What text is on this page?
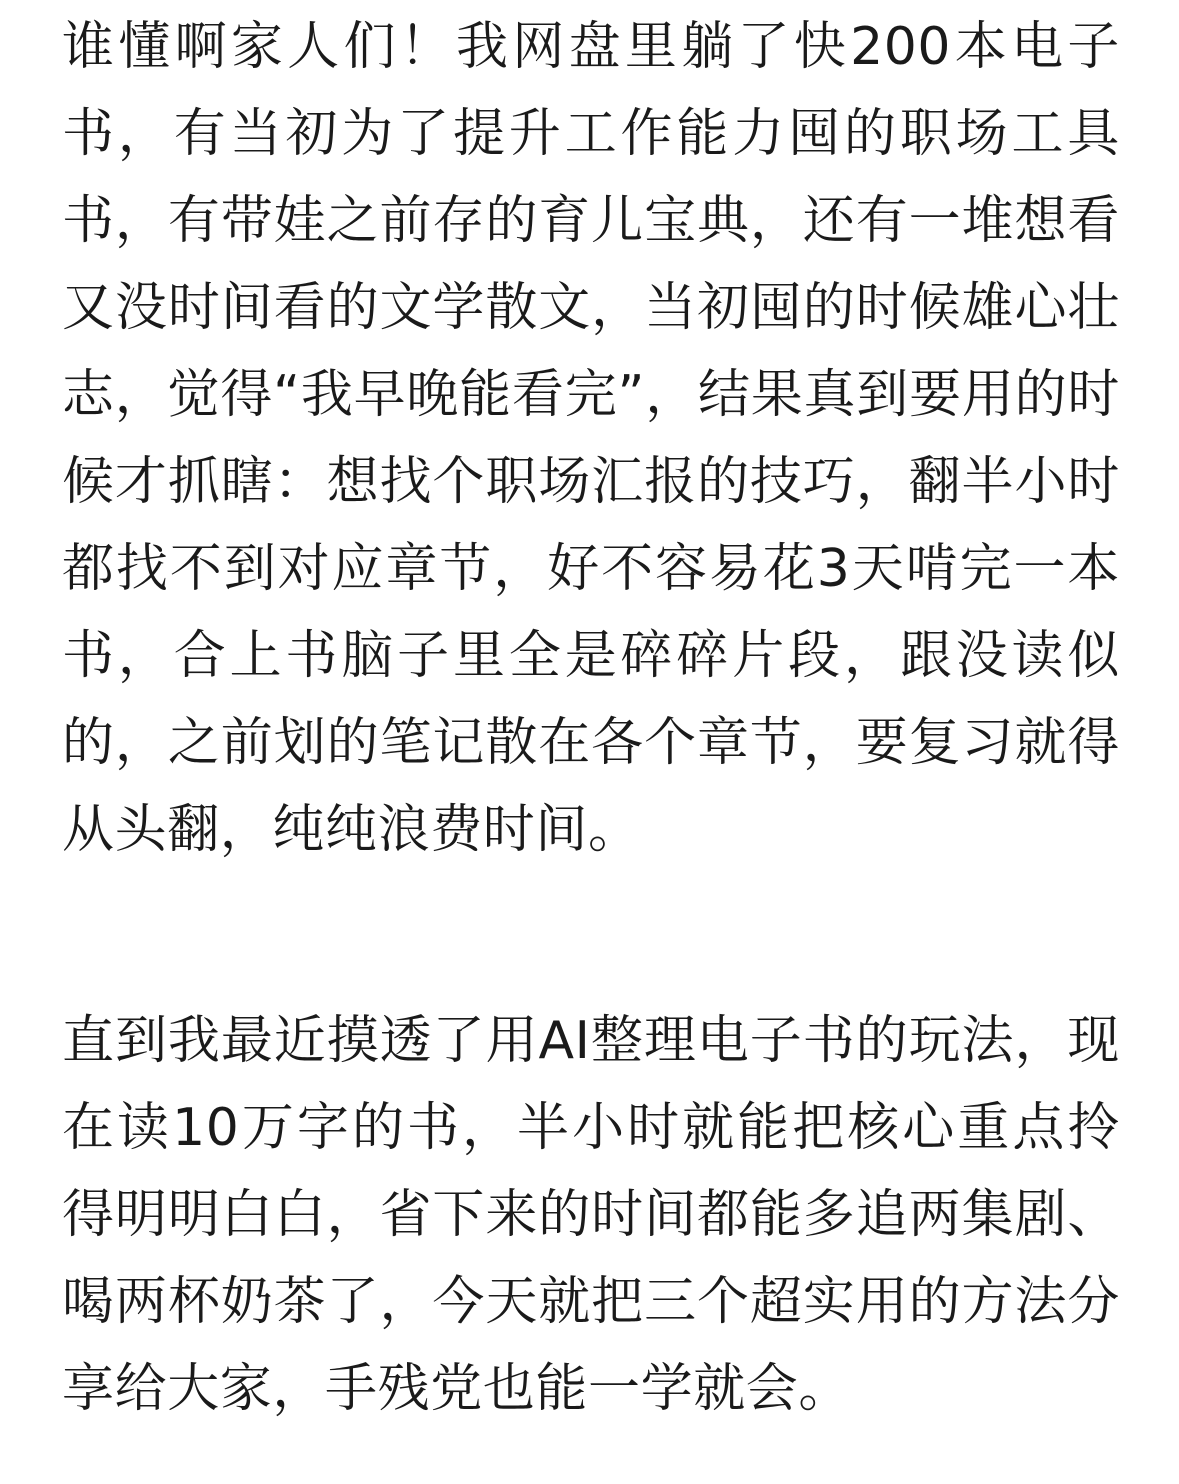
谁懂啊家人们！我网盘里躺了快200本电子书，有当初为了提升工作能力囤的职场工具书，有带娃之前存的育儿宝典，还有一堆想看又没时间看的文学散文，当初囤的时候雄心壮志，觉得“我早晚能看完”，结果真到要用的时候才抓瞎：想找个职场汇报的技巧，翻半小时都找不到对应章节，好不容易花3天啃完一本书，合上书脑子里全是碎碎片段，跟没读似的，之前划的笔记散在各个章节，要复习就得从头翻，纯纯浪费时间。

直到我最近摸透了用AI整理电子书的玩法，现在读10万字的书，半小时就能把核心重点拎得明明白白，省下来的时间都能多追两集剧、喝两杯奶茶了，今天就把三个超实用的方法分享给大家，手残党也能一学就会。
